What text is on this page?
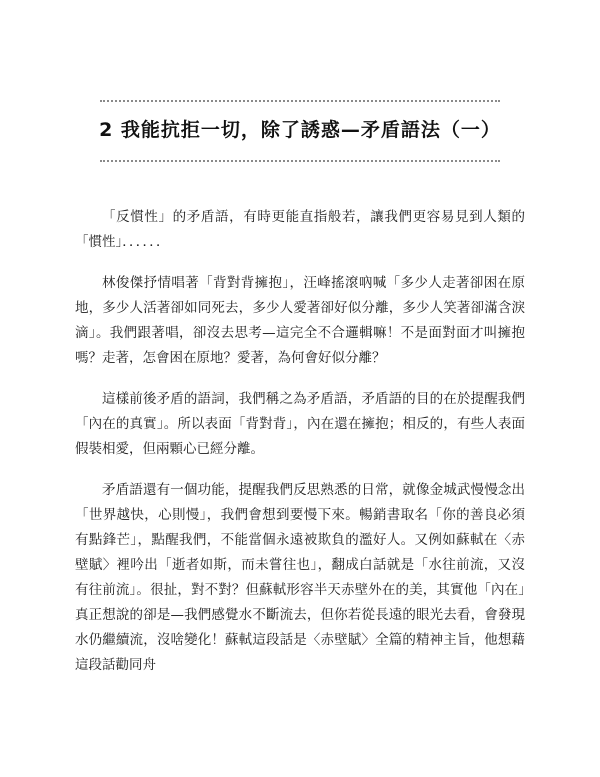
2 我能抗拒一切，除了誘惑—矛盾語法（一）

「反慣性」的矛盾語，有時更能直指般若，讓我們更容易見到人類的「慣性」．．．．．．

林俊傑抒情唱著「背對背擁抱」，汪峰搖滾吶喊「多少人走著卻困在原地，多少人活著卻如同死去，多少人愛著卻好似分離，多少人笑著卻滿含淚滴」。我們跟著唱，卻沒去思考—這完全不合邏輯嘛！不是面對面才叫擁抱嗎？走著，怎會困在原地？愛著，為何會好似分離？

這樣前後矛盾的語詞，我們稱之為矛盾語，矛盾語的目的在於提醒我們「內在的真實」。所以表面「背對背」，內在還在擁抱；相反的，有些人表面假裝相愛，但兩顆心已經分離。

矛盾語還有一個功能，提醒我們反思熟悉的日常，就像金城武慢慢念出「世界越快，心則慢」，我們會想到要慢下來。暢銷書取名「你的善良必須有點鋒芒」，點醒我們，不能當個永遠被欺負的濫好人。又例如蘇軾在〈赤壁賦〉裡吟出「逝者如斯，而未嘗往也」，翻成白話就是「水往前流，又沒有往前流」。很扯，對不對？但蘇軾形容半天赤壁外在的美，其實他「內在」真正想說的卻是—我們感覺水不斷流去，但你若從長遠的眼光去看，會發現水仍繼續流，沒啥變化！蘇軾這段話是〈赤壁賦〉全篇的精神主旨，他想藉這段話勸同舟
